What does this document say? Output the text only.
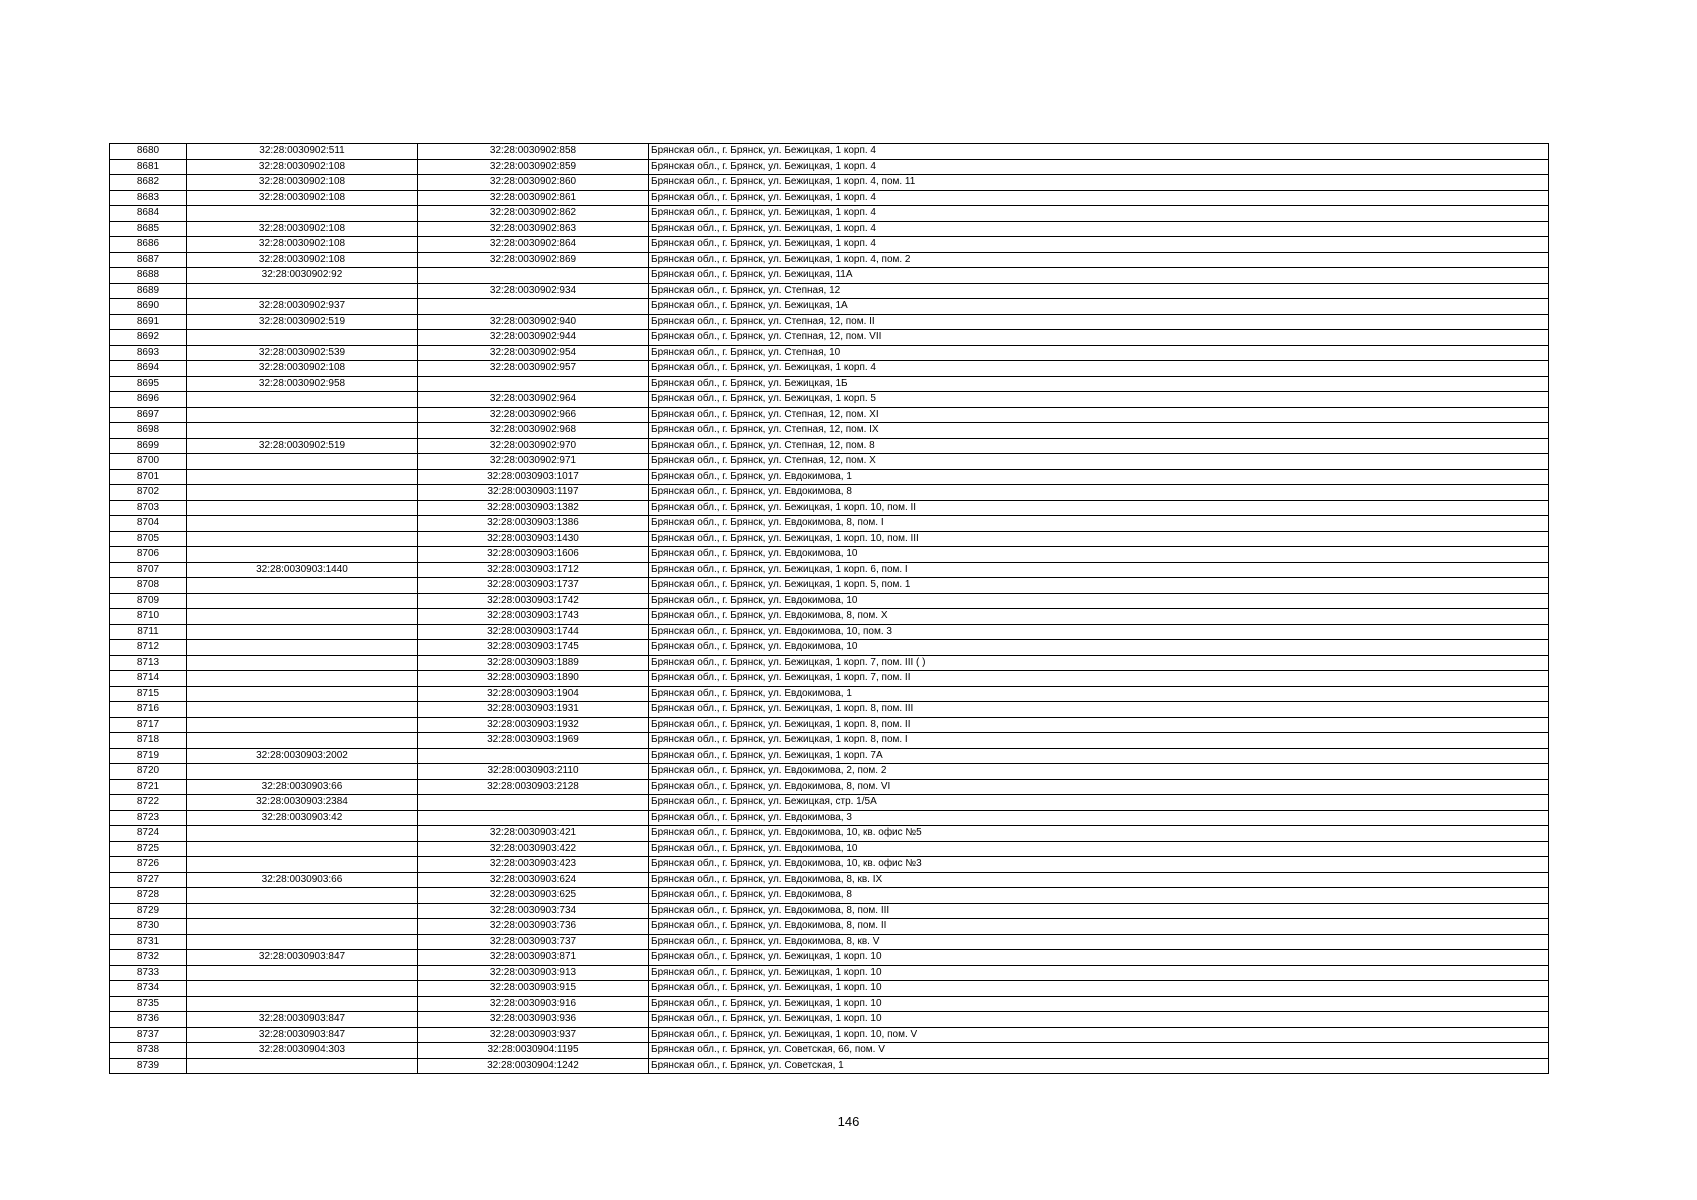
8680	32:28:0030902:511	32:28:0030902:858	Брянская обл., г. Брянск, ул. Бежицкая, 1 корп. 4
8681	32:28:0030902:108	32:28:0030902:859	Брянская обл., г. Брянск, ул. Бежицкая, 1 корп. 4
8682	32:28:0030902:108	32:28:0030902:860	Брянская обл., г. Брянск, ул. Бежицкая, 1 корп. 4, пом. 11
8683	32:28:0030902:108	32:28:0030902:861	Брянская обл., г. Брянск, ул. Бежицкая, 1 корп. 4
8684		32:28:0030902:862	Брянская обл., г. Брянск, ул. Бежицкая, 1 корп. 4
8685	32:28:0030902:108	32:28:0030902:863	Брянская обл., г. Брянск, ул. Бежицкая, 1 корп. 4
8686	32:28:0030902:108	32:28:0030902:864	Брянская обл., г. Брянск, ул. Бежицкая, 1 корп. 4
8687	32:28:0030902:108	32:28:0030902:869	Брянская обл., г. Брянск, ул. Бежицкая, 1 корп. 4, пом. 2
8688	32:28:0030902:92		Брянская обл., г. Брянск, ул. Бежицкая, 11А
8689		32:28:0030902:934	Брянская обл., г. Брянск, ул. Степная, 12
8690	32:28:0030902:937		Брянская обл., г. Брянск, ул. Бежицкая, 1А
8691	32:28:0030902:519	32:28:0030902:940	Брянская обл., г. Брянск, ул. Степная, 12, пом. II
8692		32:28:0030902:944	Брянская обл., г. Брянск, ул. Степная, 12, пом. VII
8693	32:28:0030902:539	32:28:0030902:954	Брянская обл., г. Брянск, ул. Степная, 10
8694	32:28:0030902:108	32:28:0030902:957	Брянская обл., г. Брянск, ул. Бежицкая, 1 корп. 4
8695	32:28:0030902:958		Брянская обл., г. Брянск, ул. Бежицкая, 1Б
8696		32:28:0030902:964	Брянская обл., г. Брянск, ул. Бежицкая, 1 корп. 5
8697		32:28:0030902:966	Брянская обл., г. Брянск, ул. Степная, 12, пом. XI
8698		32:28:0030902:968	Брянская обл., г. Брянск, ул. Степная, 12, пом. IX
8699	32:28:0030902:519	32:28:0030902:970	Брянская обл., г. Брянск, ул. Степная, 12, пом. 8
8700		32:28:0030902:971	Брянская обл., г. Брянск, ул. Степная, 12, пом. X
8701		32:28:0030903:1017	Брянская обл., г. Брянск, ул. Евдокимова, 1
8702		32:28:0030903:1197	Брянская обл., г. Брянск, ул. Евдокимова, 8
8703		32:28:0030903:1382	Брянская обл., г. Брянск, ул. Бежицкая, 1 корп. 10, пом. II
8704		32:28:0030903:1386	Брянская обл., г. Брянск, ул. Евдокимова, 8, пом. I
8705		32:28:0030903:1430	Брянская обл., г. Брянск, ул. Бежицкая, 1 корп. 10, пом. III
8706		32:28:0030903:1606	Брянская обл., г. Брянск, ул. Евдокимова, 10
8707	32:28:0030903:1440	32:28:0030903:1712	Брянская обл., г. Брянск, ул. Бежицкая, 1 корп. 6, пом. I
8708		32:28:0030903:1737	Брянская обл., г. Брянск, ул. Бежицкая, 1 корп. 5, пом. 1
8709		32:28:0030903:1742	Брянская обл., г. Брянск, ул. Евдокимова, 10
8710		32:28:0030903:1743	Брянская обл., г. Брянск, ул. Евдокимова, 8, пом. X
8711		32:28:0030903:1744	Брянская обл., г. Брянск, ул. Евдокимова, 10, пом. 3
8712		32:28:0030903:1745	Брянская обл., г. Брянск, ул. Евдокимова, 10
8713		32:28:0030903:1889	Брянская обл., г. Брянск, ул. Бежицкая, 1 корп. 7, пом. III ( )
8714		32:28:0030903:1890	Брянская обл., г. Брянск, ул. Бежицкая, 1 корп. 7, пом. II
8715		32:28:0030903:1904	Брянская обл., г. Брянск, ул. Евдокимова, 1
8716		32:28:0030903:1931	Брянская обл., г. Брянск, ул. Бежицкая, 1 корп. 8, пом. III
8717		32:28:0030903:1932	Брянская обл., г. Брянск, ул. Бежицкая, 1 корп. 8, пом. II
8718		32:28:0030903:1969	Брянская обл., г. Брянск, ул. Бежицкая, 1 корп. 8, пом. I
8719	32:28:0030903:2002		Брянская обл., г. Брянск, ул. Бежицкая, 1 корп. 7А
8720		32:28:0030903:2110	Брянская обл., г. Брянск, ул. Евдокимова, 2, пом. 2
8721	32:28:0030903:66	32:28:0030903:2128	Брянская обл., г. Брянск, ул. Евдокимова, 8, пом. VI
8722	32:28:0030903:2384		Брянская обл., г. Брянск, ул. Бежицкая, стр. 1/5А
8723	32:28:0030903:42		Брянская обл., г. Брянск, ул. Евдокимова, 3
8724		32:28:0030903:421	Брянская обл., г. Брянск, ул. Евдокимова, 10, кв. офис №5
8725		32:28:0030903:422	Брянская обл., г. Брянск, ул. Евдокимова, 10
8726		32:28:0030903:423	Брянская обл., г. Брянск, ул. Евдокимова, 10, кв. офис №3
8727	32:28:0030903:66	32:28:0030903:624	Брянская обл., г. Брянск, ул. Евдокимова, 8, кв. IX
8728		32:28:0030903:625	Брянская обл., г. Брянск, ул. Евдокимова, 8
8729		32:28:0030903:734	Брянская обл., г. Брянск, ул. Евдокимова, 8, пом. III
8730		32:28:0030903:736	Брянская обл., г. Брянск, ул. Евдокимова, 8, пом. II
8731		32:28:0030903:737	Брянская обл., г. Брянск, ул. Евдокимова, 8, кв. V
8732	32:28:0030903:847	32:28:0030903:871	Брянская обл., г. Брянск, ул. Бежицкая, 1 корп. 10
8733		32:28:0030903:913	Брянская обл., г. Брянск, ул. Бежицкая, 1 корп. 10
8734		32:28:0030903:915	Брянская обл., г. Брянск, ул. Бежицкая, 1 корп. 10
8735		32:28:0030903:916	Брянская обл., г. Брянск, ул. Бежицкая, 1 корп. 10
8736	32:28:0030903:847	32:28:0030903:936	Брянская обл., г. Брянск, ул. Бежицкая, 1 корп. 10
8737	32:28:0030903:847	32:28:0030903:937	Брянская обл., г. Брянск, ул. Бежицкая, 1 корп. 10, пом. V
8738	32:28:0030904:303	32:28:0030904:1195	Брянская обл., г. Брянск, ул. Советская, 66, пом. V
8739		32:28:0030904:1242	Брянская обл., г. Брянск, ул. Советская, 1
146
